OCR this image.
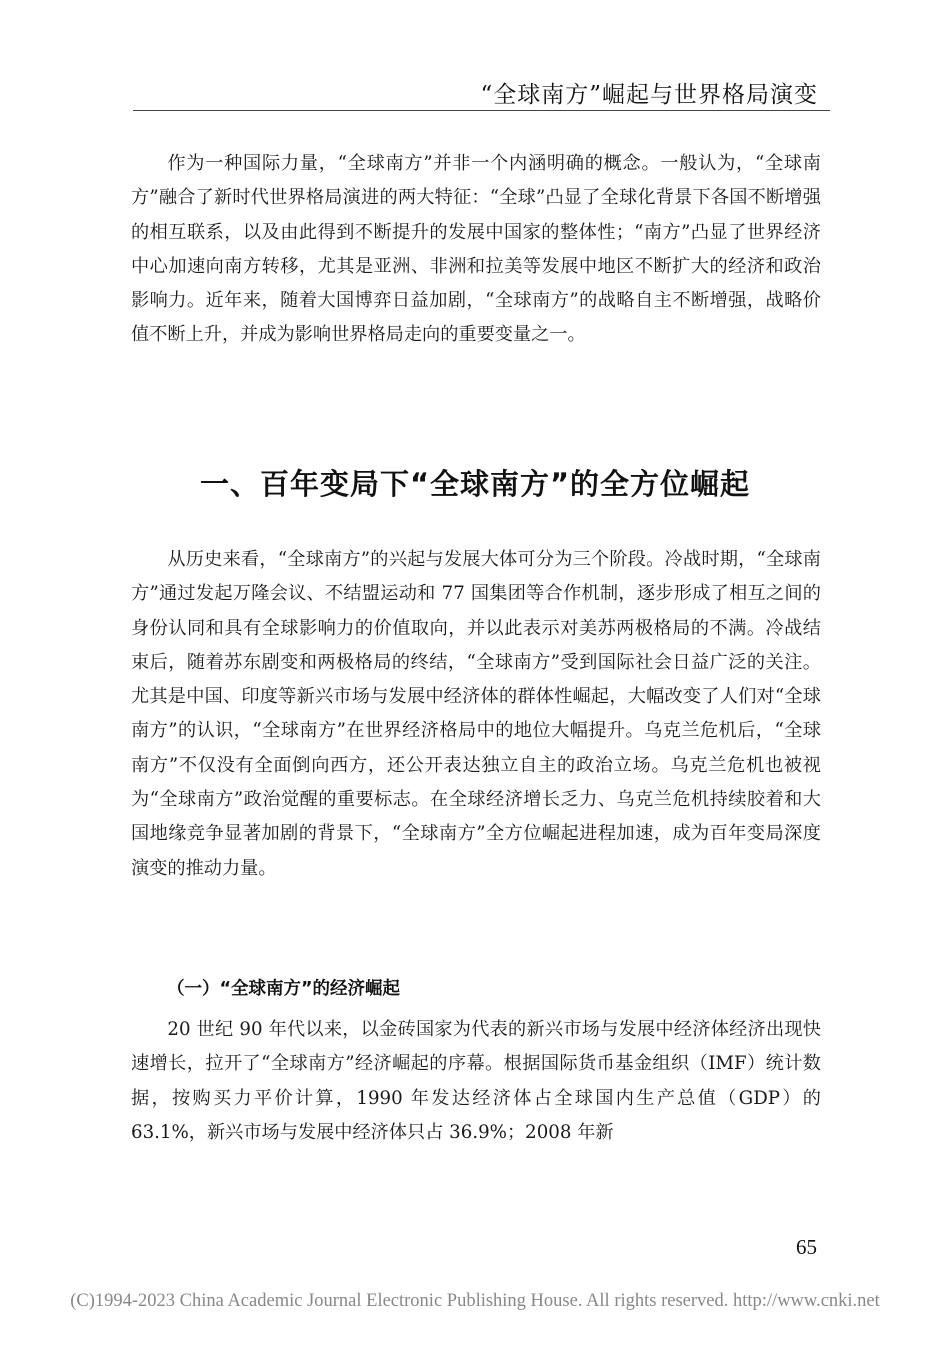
“全球南方”崛起与世界格局演变

作为一种国际力量，“全球南方”并非一个内涵明确的概念。一般认为，“全球南方”融合了新时代世界格局演进的两大特征：“全球”凸显了全球化背景下各国不断增强的相互联系，以及由此得到不断提升的发展中国家的整体性；“南方”凸显了世界经济中心加速向南方转移，尤其是亚洲、非洲和拉美等发展中地区不断扩大的经济和政治影响力。近年来，随着大国博弈日益加剧，“全球南方”的战略自主不断增强，战略价值不断上升，并成为影响世界格局走向的重要变量之一。

一、百年变局下“全球南方”的全方位崛起

从历史来看，“全球南方”的兴起与发展大体可分为三个阶段。冷战时期，“全球南方”通过发起万隆会议、不结盟运动和 77 国集团等合作机制，逐步形成了相互之间的身份认同和具有全球影响力的价值取向，并以此表示对美苏两极格局的不满。冷战结束后，随着苏东剧变和两极格局的终结，“全球南方”受到国际社会日益广泛的关注。尤其是中国、印度等新兴市场与发展中经济体的群体性崛起，大幅改变了人们对“全球南方”的认识，“全球南方”在世界经济格局中的地位大幅提升。乌克兰危机后，“全球南方”不仅没有全面倒向西方，还公开表达独立自主的政治立场。乌克兰危机也被视为“全球南方”政治觉醒的重要标志。在全球经济增长乏力、乌克兰危机持续胶着和大国地缘竞争显著加剧的背景下，“全球南方”全方位崛起进程加速，成为百年变局深度演变的推动力量。

（一）“全球南方”的经济崛起

20 世纪 90 年代以来，以金砖国家为代表的新兴市场与发展中经济体经济出现快速增长，拉开了“全球南方”经济崛起的序幕。根据国际货币基金组织（IMF）统计数据，按购买力平价计算，1990 年发达经济体占全球国内生产总值（GDP）的 63.1%，新兴市场与发展中经济体只占 36.9%；2008 年新

65
(C)1994-2023 China Academic Journal Electronic Publishing House. All rights reserved. http://www.cnki.net
